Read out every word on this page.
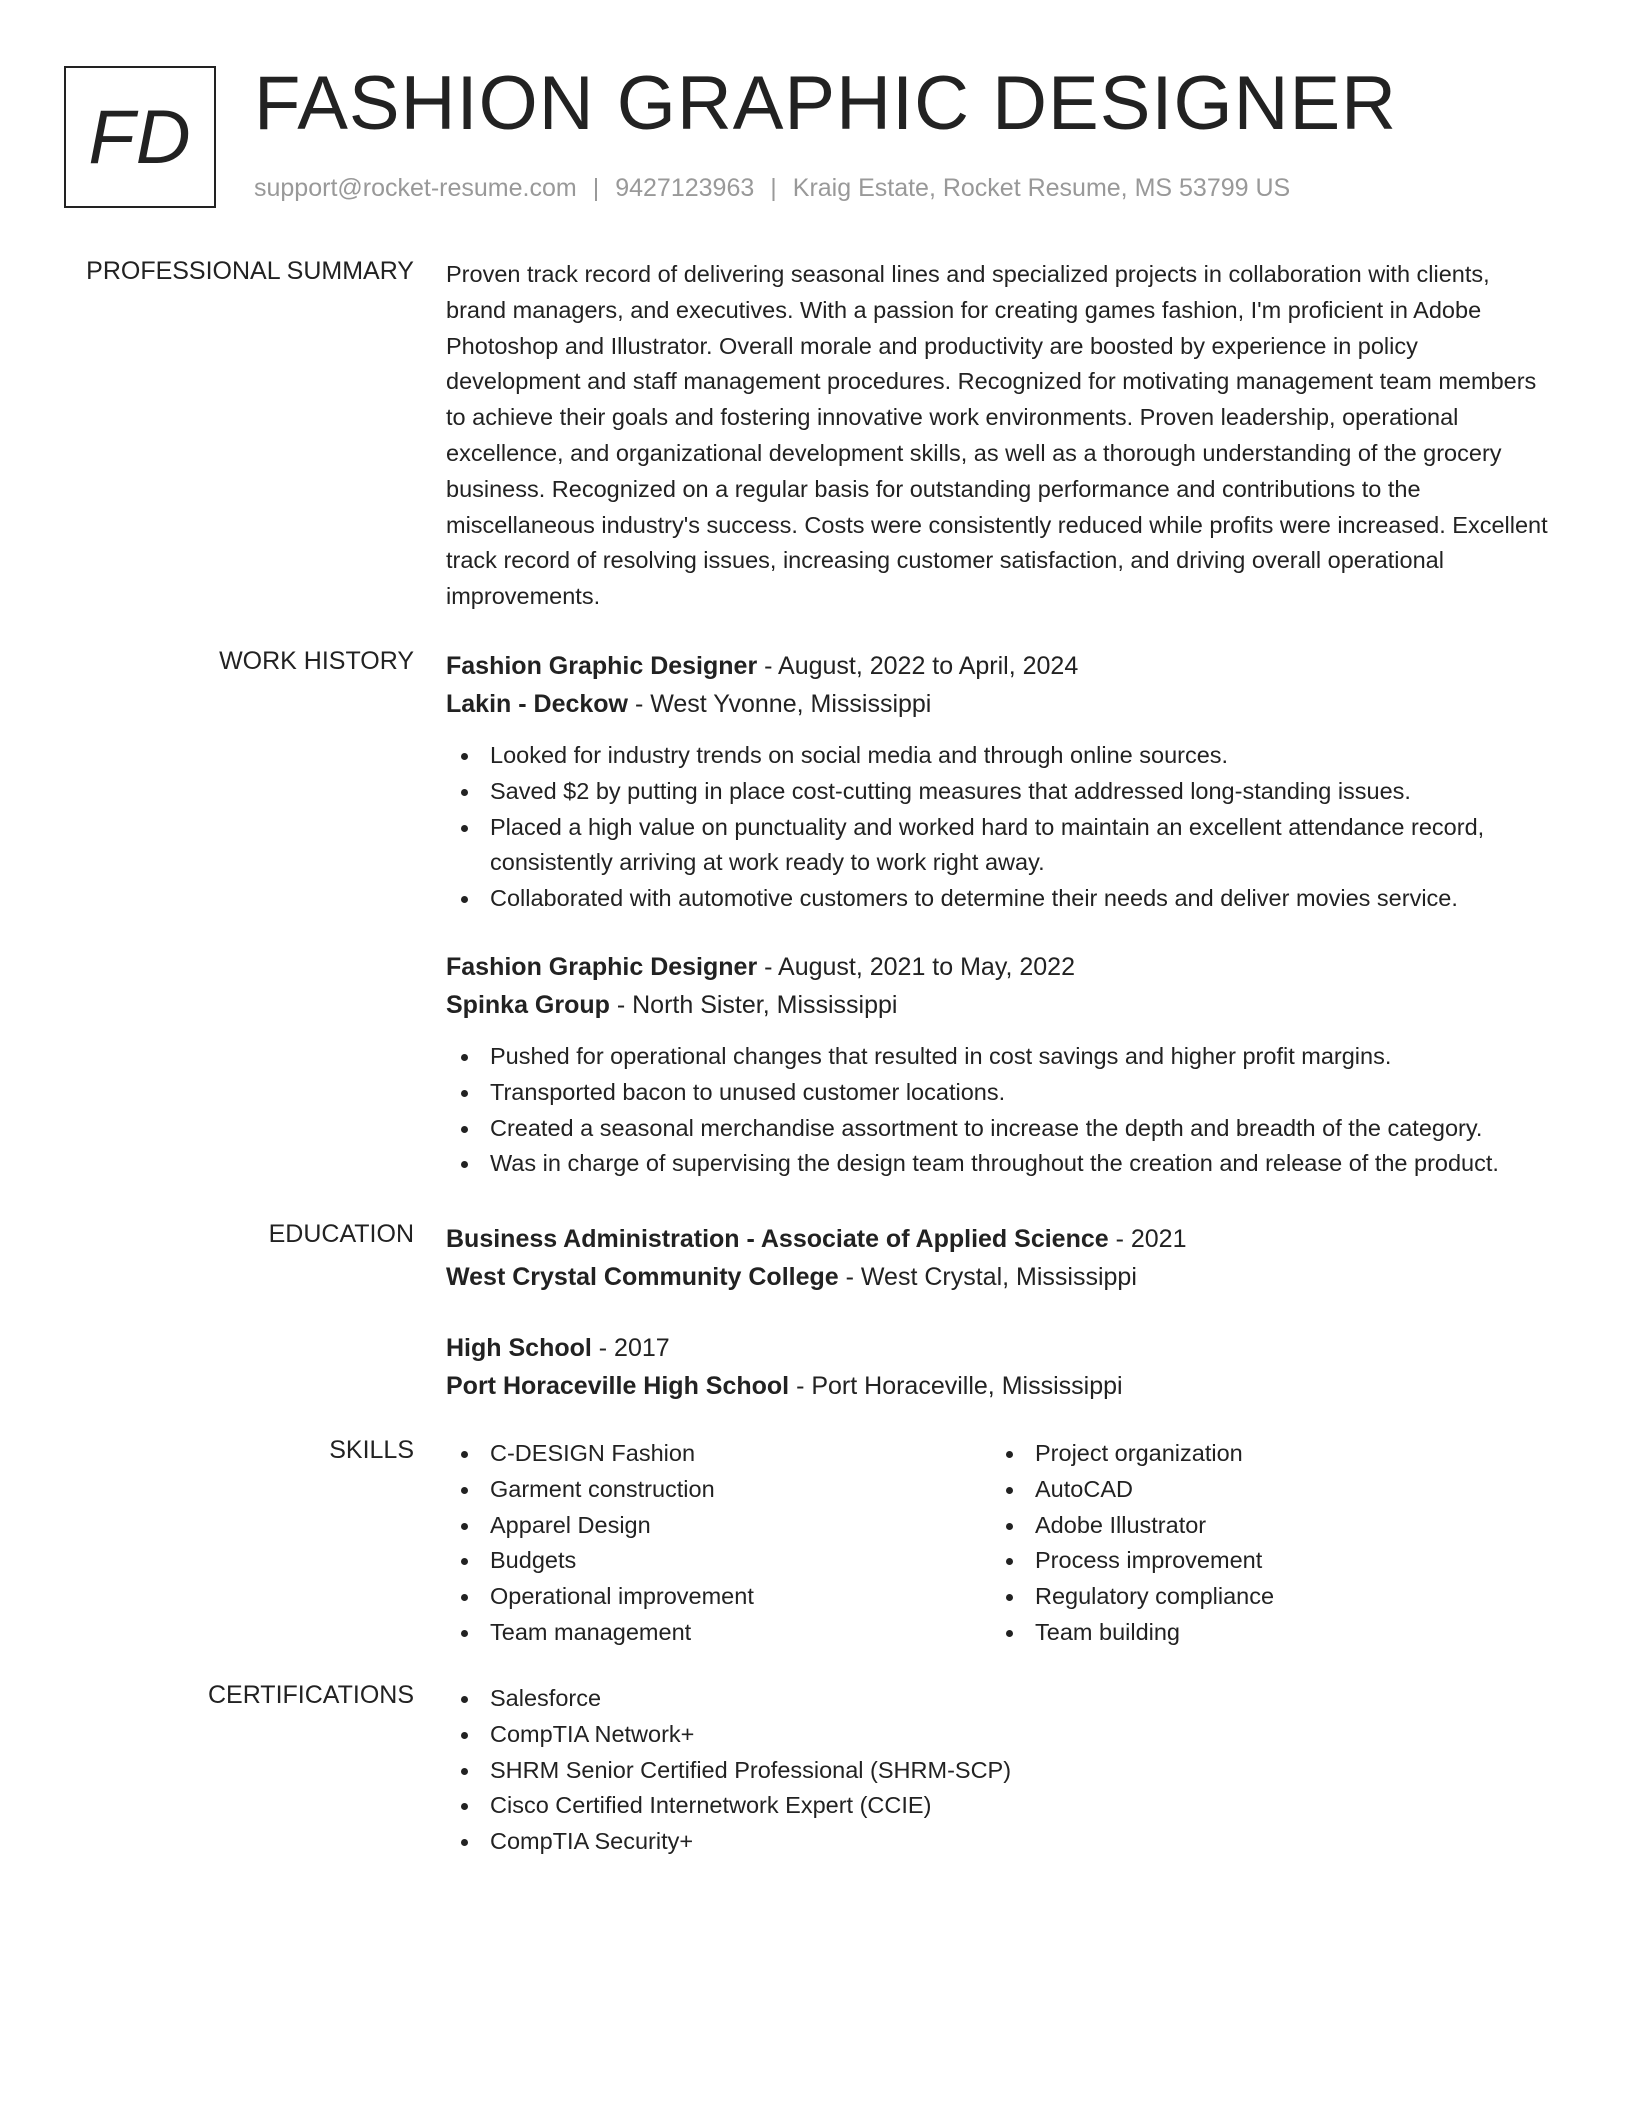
FD FASHION GRAPHIC DESIGNER
support@rocket-resume.com | 9427123963 | Kraig Estate, Rocket Resume, MS 53799 US
PROFESSIONAL SUMMARY Proven track record of delivering seasonal lines and specialized projects in collaboration with clients, brand managers, and executives. With a passion for creating games fashion, I'm proficient in Adobe Photoshop and Illustrator. Overall morale and productivity are boosted by experience in policy development and staff management procedures. Recognized for motivating management team members to achieve their goals and fostering innovative work environments. Proven leadership, operational excellence, and organizational development skills, as well as a thorough understanding of the grocery business. Recognized on a regular basis for outstanding performance and contributions to the miscellaneous industry's success. Costs were consistently reduced while profits were increased. Excellent track record of resolving issues, increasing customer satisfaction, and driving overall operational improvements.

WORK HISTORY Fashion Graphic Designer - August, 2022 to April, 2024

Lakin - Deckow - West Yvonne, Mississippi

Looked for industry trends on social media and through online sources.
Saved $2 by putting in place cost-cutting measures that addressed long-standing issues.
Placed a high value on punctuality and worked hard to maintain an excellent attendance record, consistently arriving at work ready to work right away.
Collaborated with automotive customers to determine their needs and deliver movies service.

Fashion Graphic Designer - August, 2021 to May, 2022

Spinka Group - North Sister, Mississippi

Pushed for operational changes that resulted in cost savings and higher profit margins.
Transported bacon to unused customer locations.
Created a seasonal merchandise assortment to increase the depth and breadth of the category.
Was in charge of supervising the design team throughout the creation and release of the product.
EDUCATION Business Administration - Associate of Applied Science - 2021

West Crystal Community College - West Crystal, Mississippi

High School - 2017

Port Horaceville High School - Port Horaceville, Mississippi

SKILLS	C-DESIGN Fashion
Garment construction
Apparel Design
Budgets
Operational improvement
Team management
Project organization
AutoCAD
Adobe Illustrator
Process improvement
Regulatory compliance
Team building
CERTIFICATIONS	Salesforce
CompTIA Network+
SHRM Senior Certified Professional (SHRM-SCP)
Cisco Certified Internetwork Expert (CCIE)
CompTIA Security+
